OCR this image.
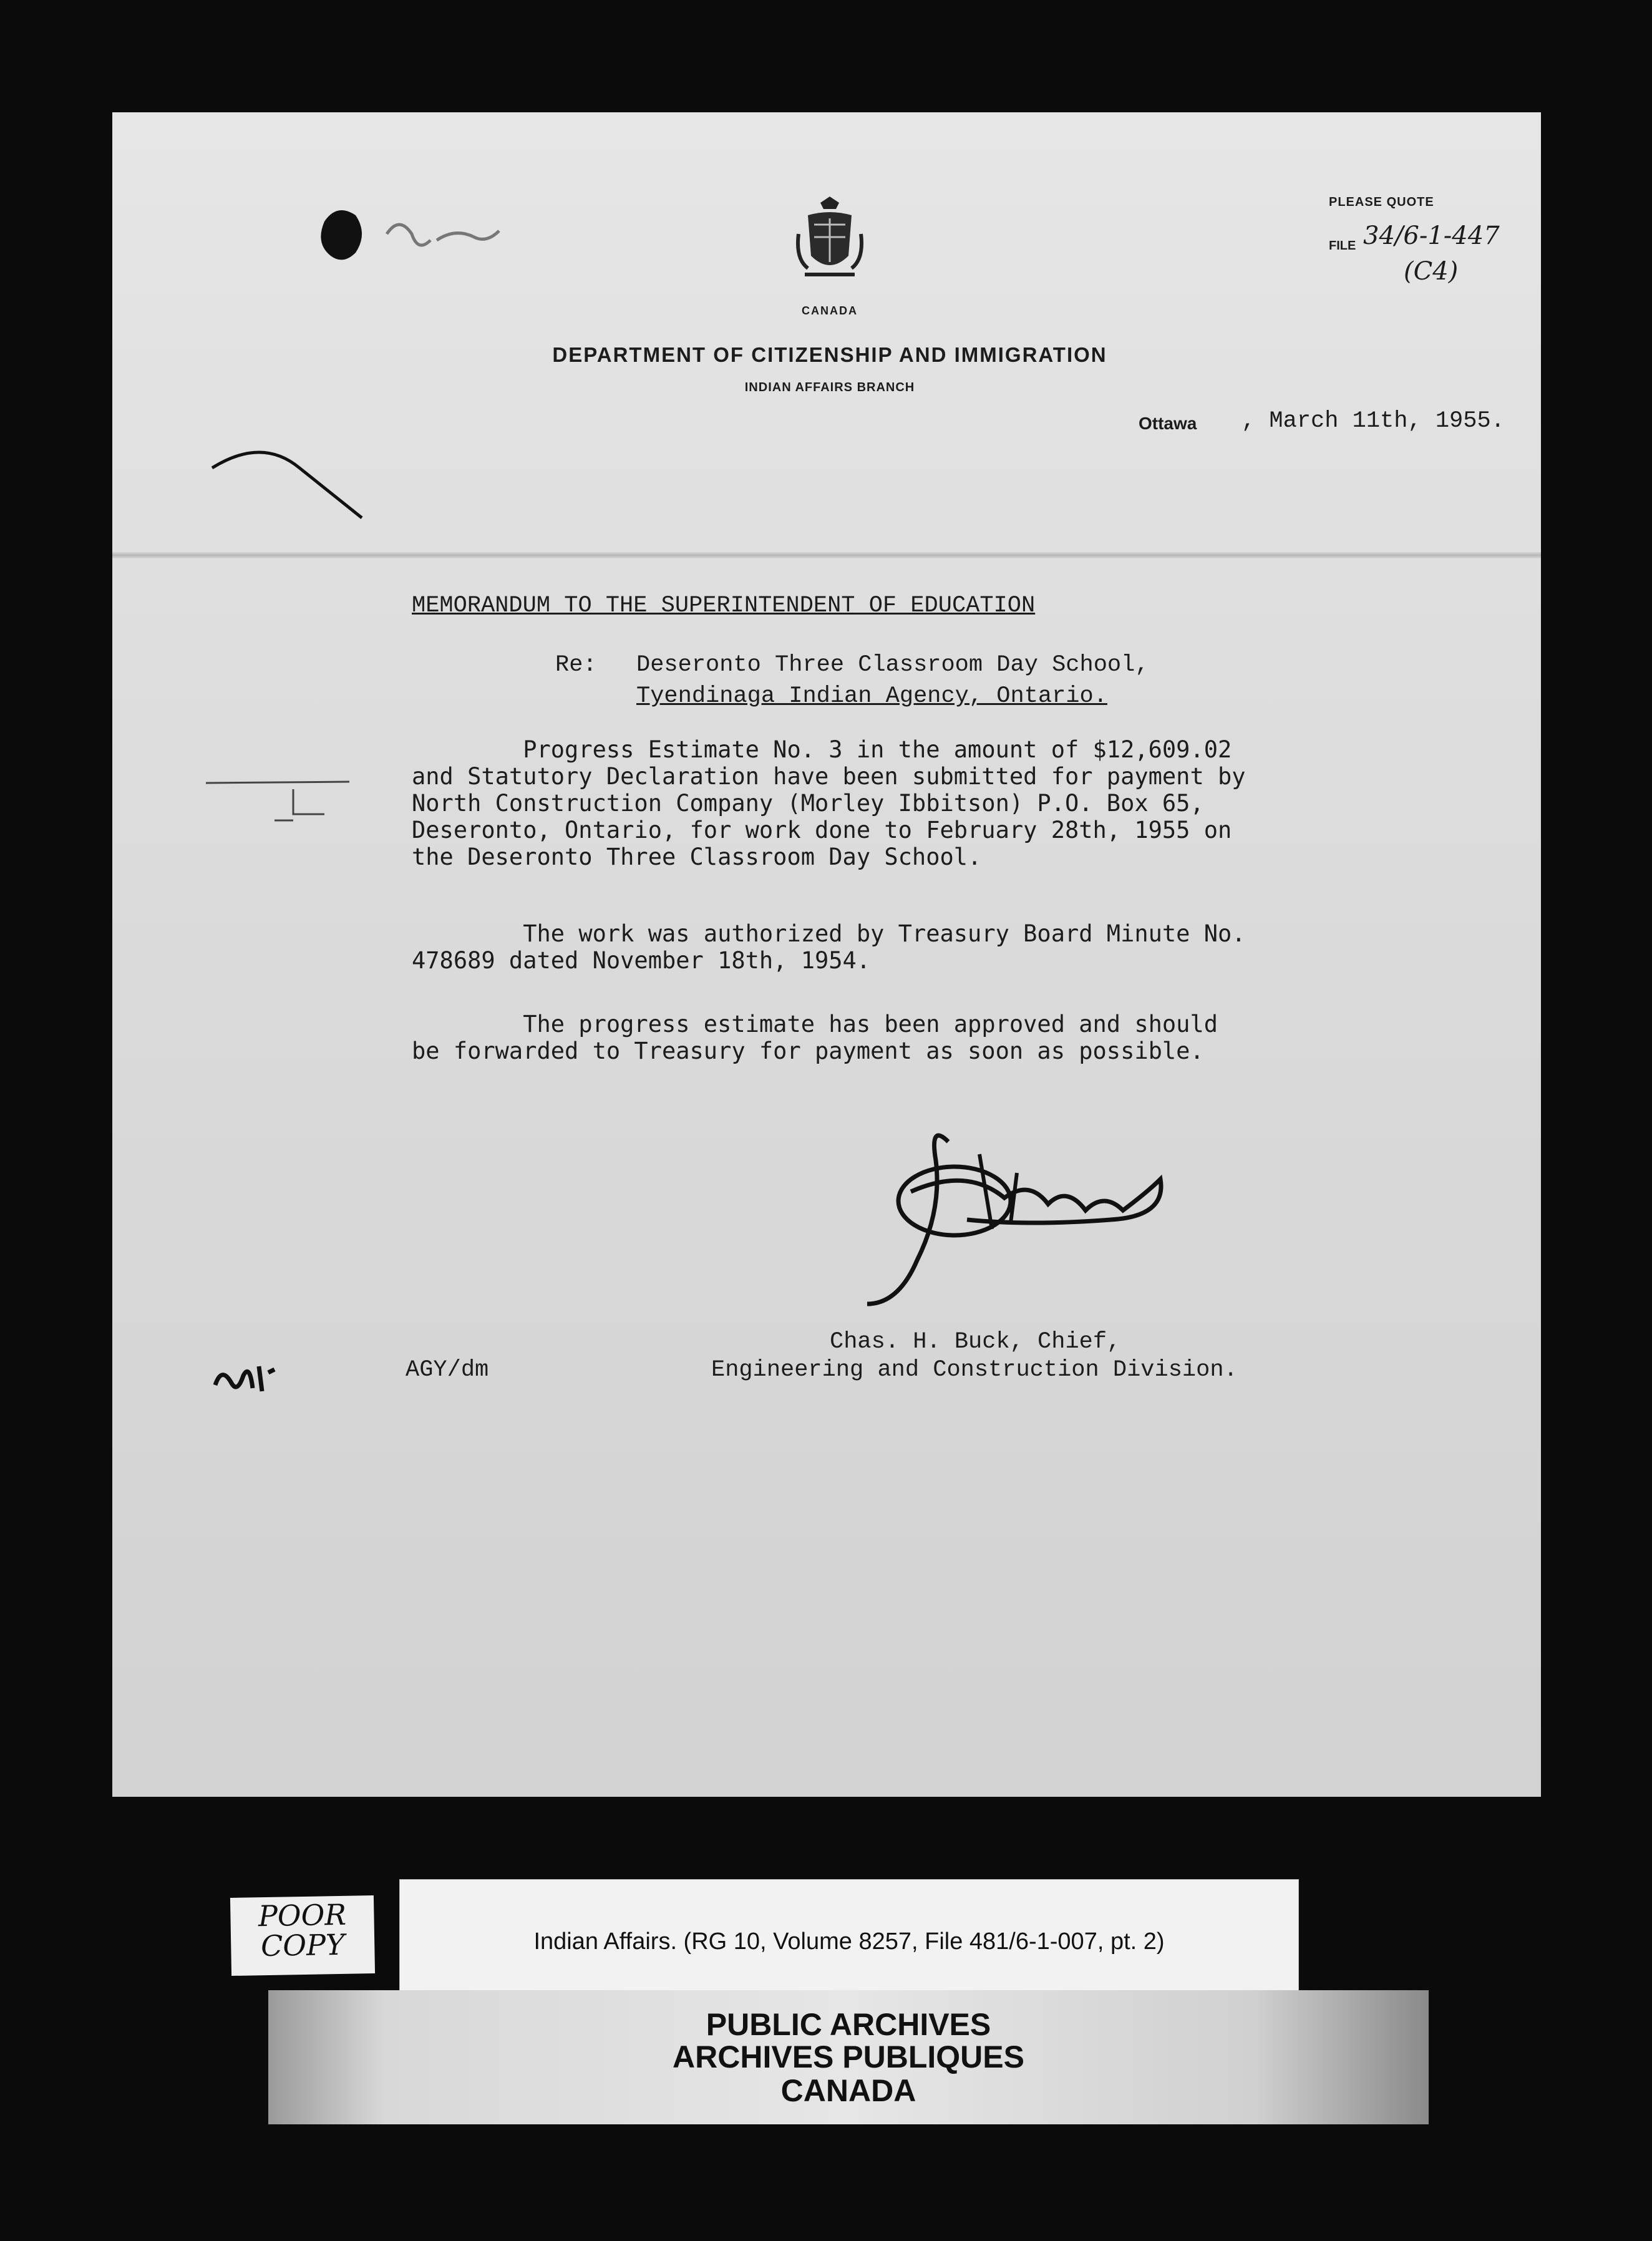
CANADA
DEPARTMENT OF CITIZENSHIP AND IMMIGRATION
INDIAN AFFAIRS BRANCH
PLEASE QUOTE
FILE 34/6-1-447
(C4)
Ottawa , March 11th, 1955.
MEMORANDUM TO THE SUPERINTENDENT OF EDUCATION
Re: Deseronto Three Classroom Day School,
Tyendinaga Indian Agency, Ontario.
Progress Estimate No. 3 in the amount of $12,609.02
and Statutory Declaration have been submitted for payment by
North Construction Company (Morley Ibbitson) P.O. Box 65,
Deseronto, Ontario, for work done to February 28th, 1955 on
the Deseronto Three Classroom Day School.
The work was authorized by Treasury Board Minute No.
478689 dated November 18th, 1954.
The progress estimate has been approved and should
be forwarded to Treasury for payment as soon as possible.

Chas. H. Buck, Chief,
AGY/dm	Engineering and Construction Division.
POOR
COPY	Indian Affairs. (RG 10, Volume 8257, File 481/6-1-007, pt. 2)
PUBLIC ARCHIVES
ARCHIVES PUBLIQUES
CANADA
